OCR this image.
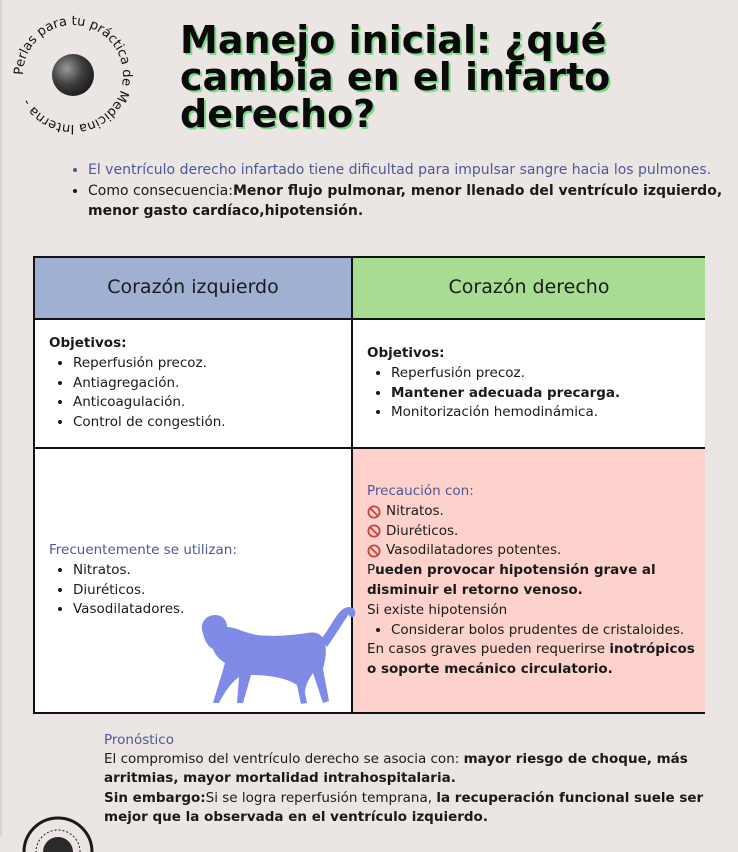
Perlas para tu práctica de Medicina Interna -
Manejo inicial: ¿qué
cambia en el infarto
derecho?
• El ventrículo derecho infartado tiene dificultad para impulsar sangre hacia los pulmones.
• Como consecuencia:Menor flujo pulmonar, menor llenado del ventrículo izquierdo, menor gasto cardíaco,hipotensión.
Corazón izquierdo	Corazón derecho
Objetivos:
• Reperfusión precoz.
• Antiagregación.
• Anticoagulación.
• Control de congestión.
Objetivos:
• Reperfusión precoz.
• Mantener adecuada precarga.
• Monitorización hemodinámica.
Frecuentemente se utilizan:
• Nitratos.
• Diuréticos.
• Vasodilatadores.
Precaución con:
Nitratos.
Diuréticos.
Vasodilatadores potentes.
Pueden provocar hipotensión grave al disminuir el retorno venoso.
Si existe hipotensión
• Considerar bolos prudentes de cristaloides.
En casos graves pueden requerirse inotrópicos o soporte mecánico circulatorio.

Pronóstico

El compromiso del ventrículo derecho se asocia con: mayor riesgo de choque, más arritmias, mayor mortalidad intrahospitalaria.

Sin embargo:Si se logra reperfusión temprana, la recuperación funcional suele ser mejor que la observada en el ventrículo izquierdo.
